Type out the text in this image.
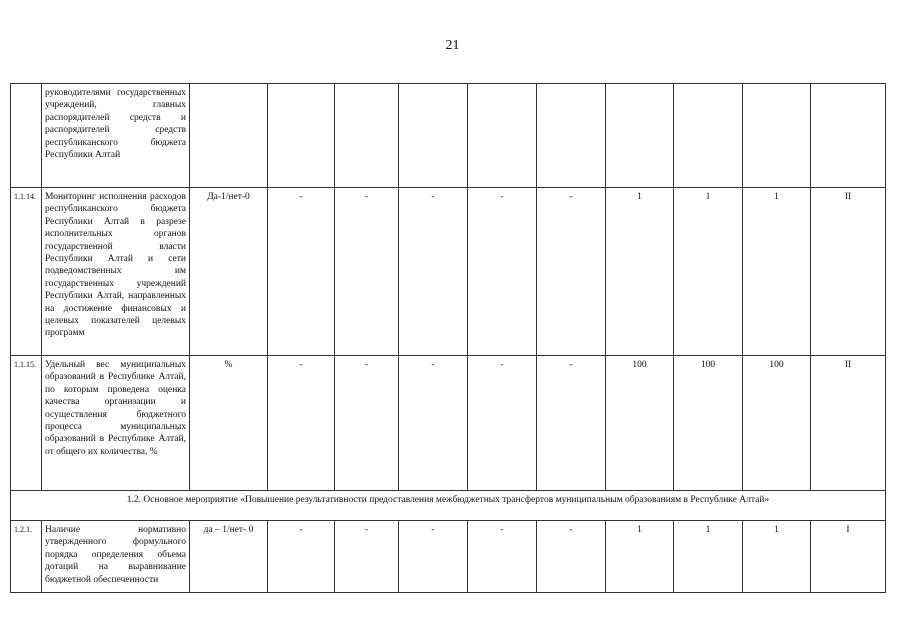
21
	руководителями государственных учреждений, главных распорядителей средств и распорядителей средств республиканского бюджета Республики Алтай										
1.1.14.	Мониторинг исполнения расходов республиканского бюджета Республики Алтай в разрезе исполнительных органов государственной власти Республики Алтай и сети подведомственных им государственных учреждений Республики Алтай, направленных на достижение финансовых и целевых показателей целевых программ	Да-1/нет-0	-	-	-	-	-	1	1	1	II
1.1.15.	Удельный вес муниципальных образований в Республике Алтай, по которым проведена оценка качества организации и осуществления бюджетного процесса муниципальных образований в Республике Алтай, от общего их количества, %	%	-	-	-	-	-	100	100	100	II
1.2. Основное мероприятие «Повышение результативности предоставления межбюджетных трансфертов муниципальным образованиям в Республике Алтай»											
1.2.1.	Наличие нормативно утвержденного формульного порядка определения объема дотаций на выравнивание бюджетной обеспеченности	да – 1/нет- 0	-	-	-	-	-	1	1	1	I
